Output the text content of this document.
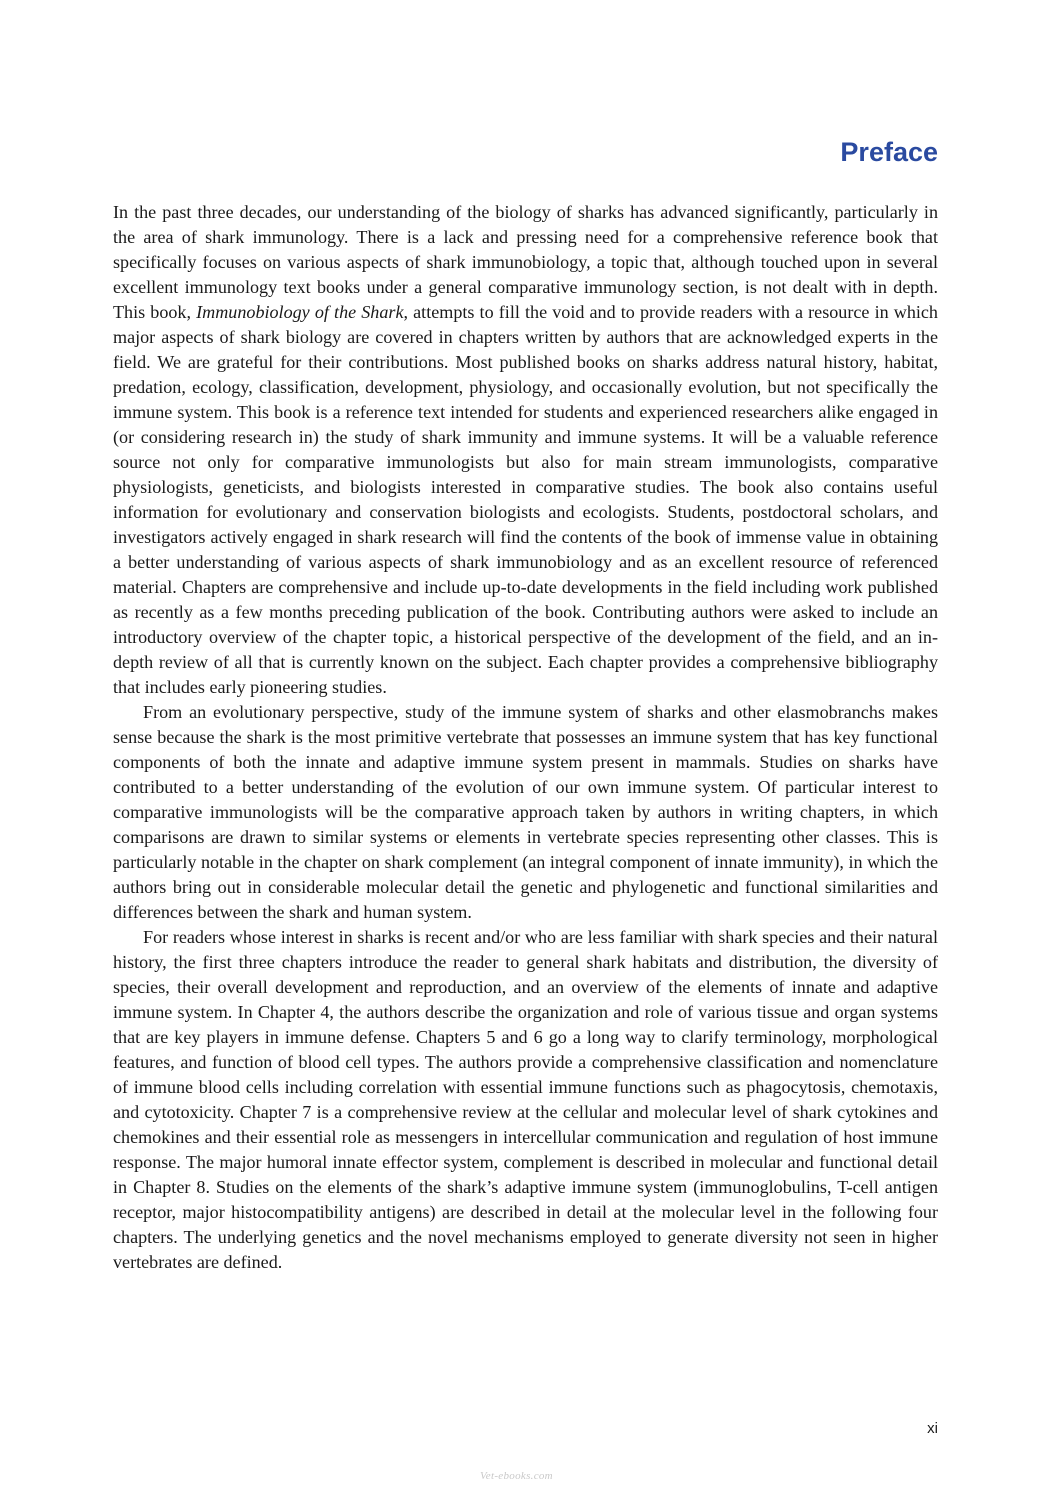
Preface

In the past three decades, our understanding of the biology of sharks has advanced significantly, particularly in the area of shark immunology. There is a lack and pressing need for a comprehensive reference book that specifically focuses on various aspects of shark immunobiology, a topic that, although touched upon in several excellent immunology text books under a general comparative immunology section, is not dealt with in depth. This book, Immunobiology of the Shark, attempts to fill the void and to provide readers with a resource in which major aspects of shark biology are covered in chapters written by authors that are acknowledged experts in the field. We are grateful for their contributions. Most published books on sharks address natural history, habitat, predation, ecology, classification, development, physiology, and occasionally evolution, but not specifically the immune system. This book is a reference text intended for students and experienced researchers alike engaged in (or considering research in) the study of shark immunity and immune systems. It will be a valuable reference source not only for comparative immunologists but also for main stream immunologists, comparative physiologists, geneticists, and biologists interested in comparative studies. The book also contains useful information for evolutionary and conservation biologists and ecologists. Students, postdoctoral scholars, and investigators actively engaged in shark research will find the contents of the book of immense value in obtaining a better understanding of various aspects of shark immunobiology and as an excellent resource of referenced material. Chapters are comprehensive and include up-to-date developments in the field including work published as recently as a few months preceding publication of the book. Contributing authors were asked to include an introductory overview of the chapter topic, a historical perspective of the development of the field, and an in-depth review of all that is currently known on the subject. Each chapter provides a comprehensive bibliography that includes early pioneering studies.

From an evolutionary perspective, study of the immune system of sharks and other elasmobranchs makes sense because the shark is the most primitive vertebrate that possesses an immune system that has key functional components of both the innate and adaptive immune system present in mammals. Studies on sharks have contributed to a better understanding of the evolution of our own immune system. Of particular interest to comparative immunologists will be the comparative approach taken by authors in writing chapters, in which comparisons are drawn to similar systems or elements in vertebrate species representing other classes. This is particularly notable in the chapter on shark complement (an integral component of innate immunity), in which the authors bring out in considerable molecular detail the genetic and phylogenetic and functional similarities and differences between the shark and human system.

For readers whose interest in sharks is recent and/or who are less familiar with shark species and their natural history, the first three chapters introduce the reader to general shark habitats and distribution, the diversity of species, their overall development and reproduction, and an overview of the elements of innate and adaptive immune system. In Chapter 4, the authors describe the organization and role of various tissue and organ systems that are key players in immune defense. Chapters 5 and 6 go a long way to clarify terminology, morphological features, and function of blood cell types. The authors provide a comprehensive classification and nomenclature of immune blood cells including correlation with essential immune functions such as phagocytosis, chemotaxis, and cytotoxicity. Chapter 7 is a comprehensive review at the cellular and molecular level of shark cytokines and chemokines and their essential role as messengers in intercellular communication and regulation of host immune response. The major humoral innate effector system, complement is described in molecular and functional detail in Chapter 8. Studies on the elements of the shark’s adaptive immune system (immunoglobulins, T-cell antigen receptor, major histocompatibility antigens) are described in detail at the molecular level in the following four chapters. The underlying genetics and the novel mechanisms employed to generate diversity not seen in higher vertebrates are defined.

xi
Vet-ebooks.com
